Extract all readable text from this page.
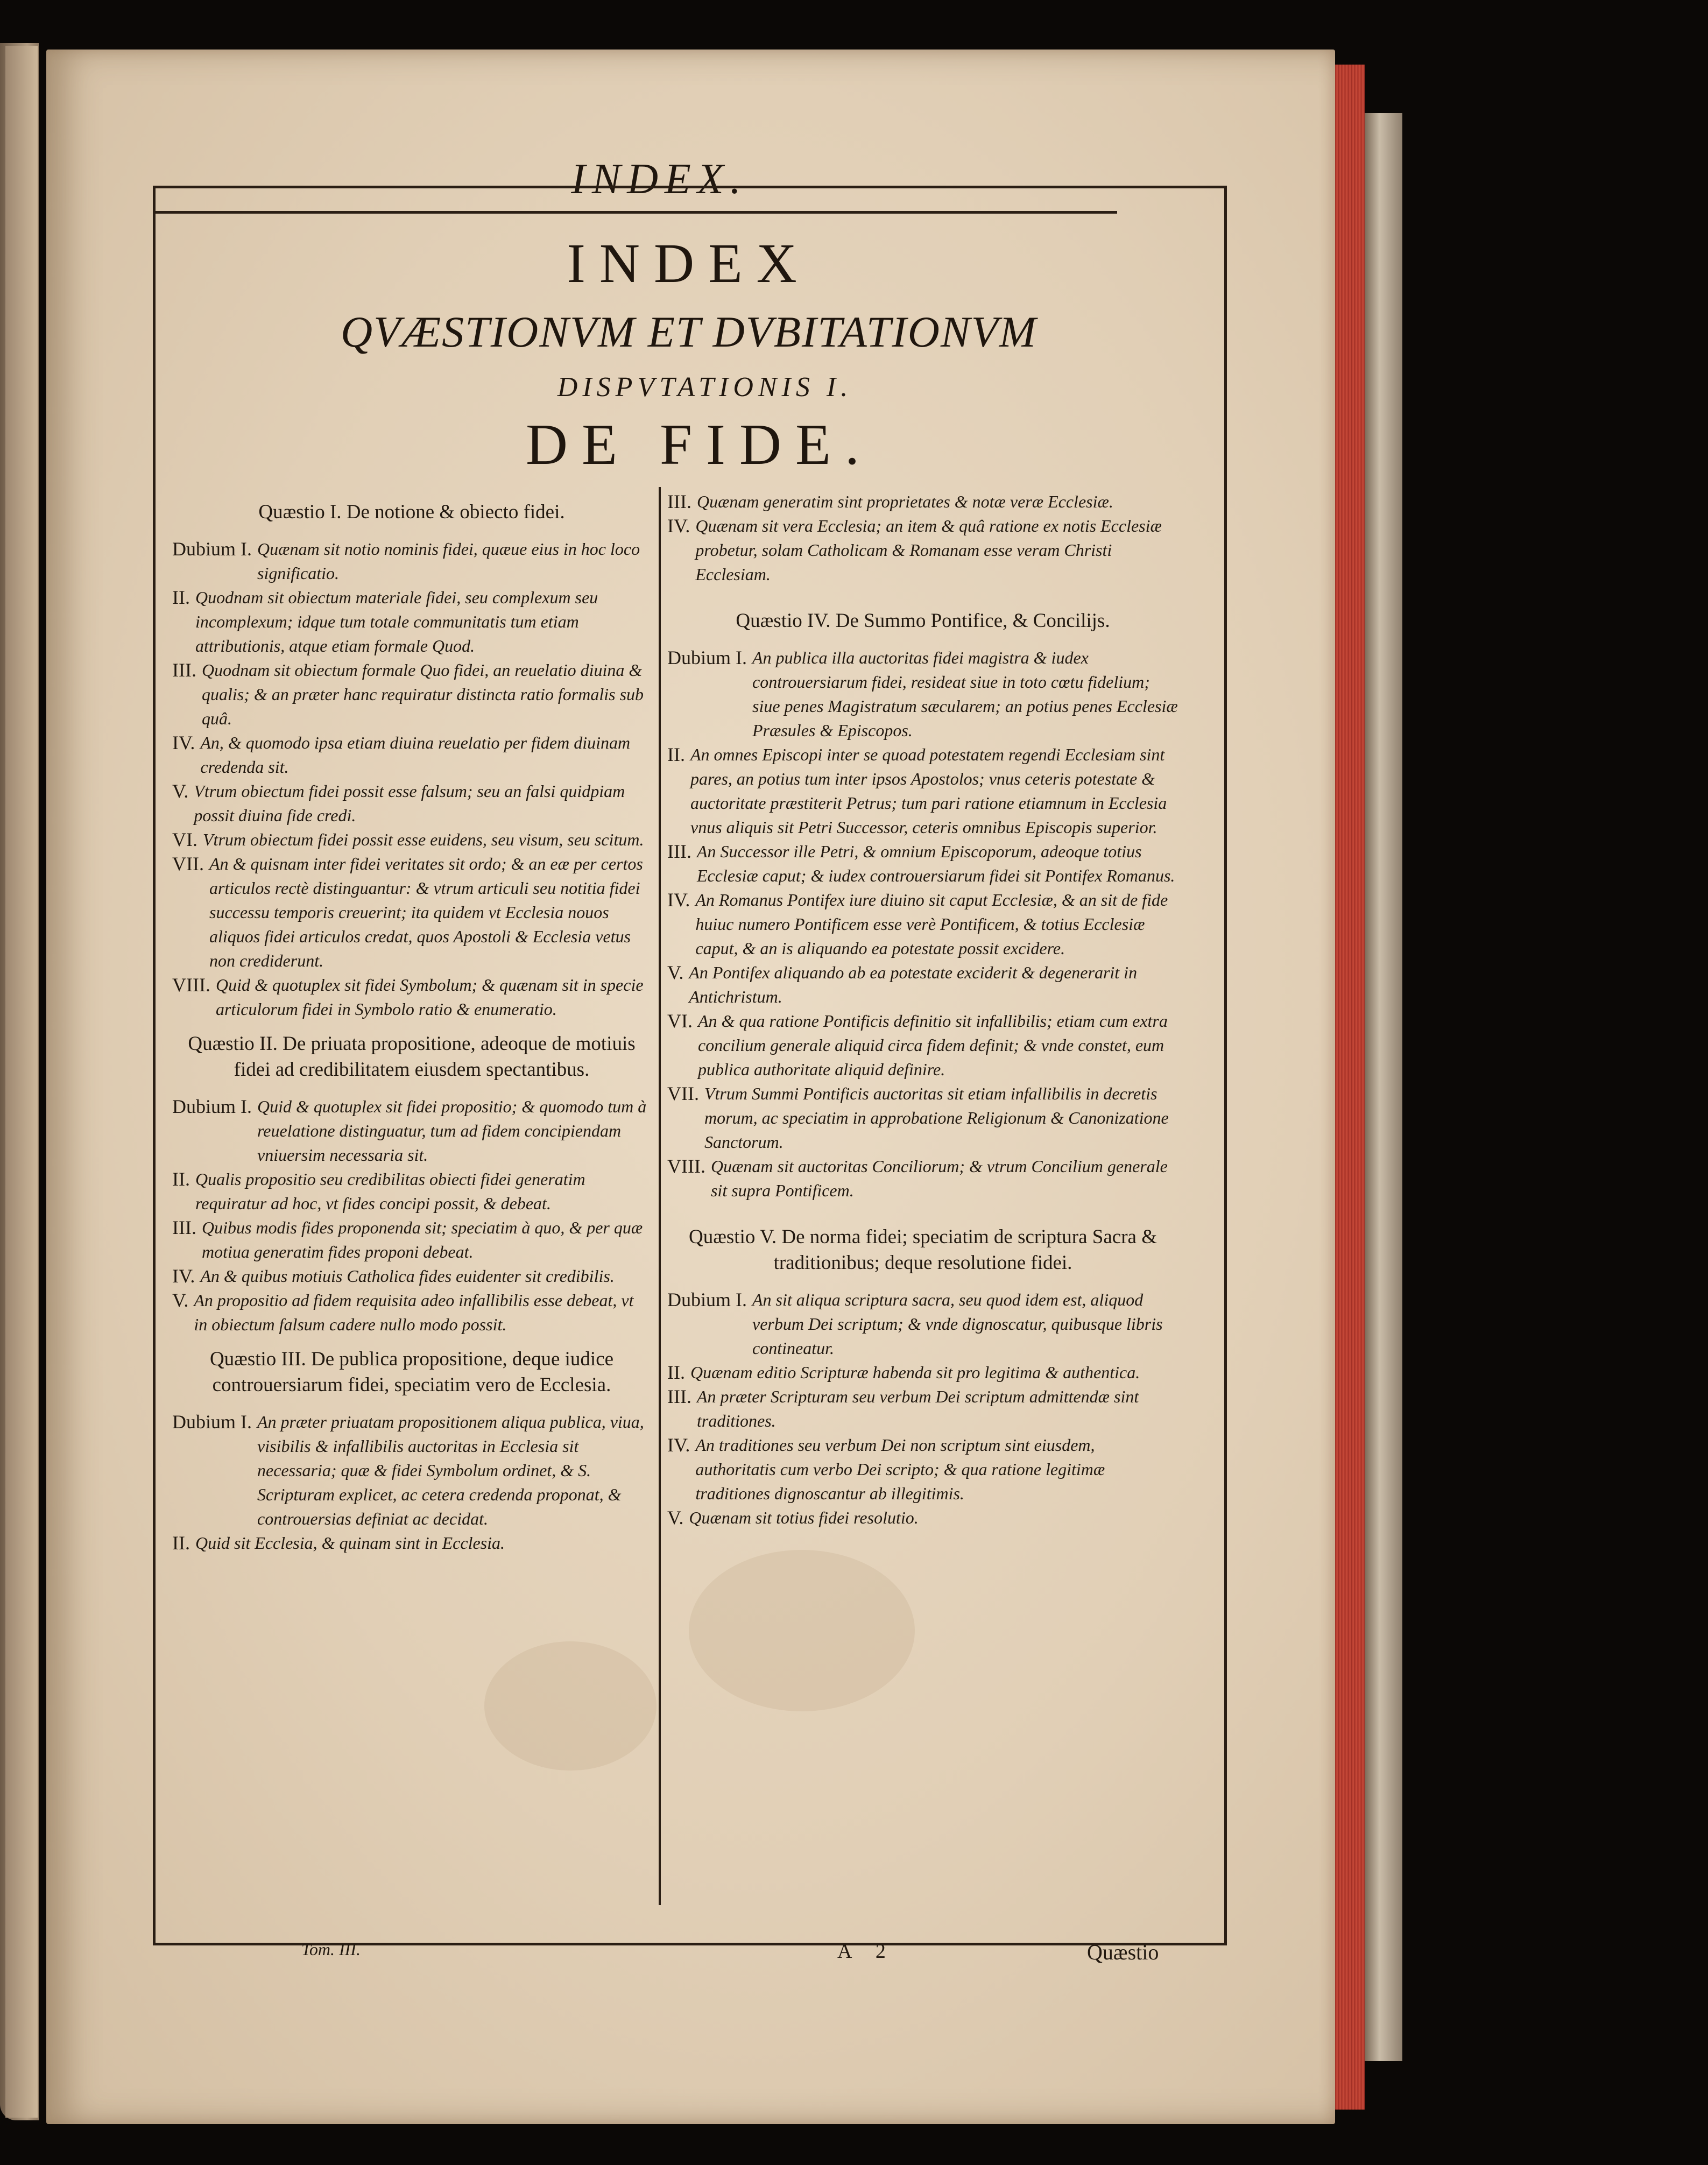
INDEX.
INDEX
QVÆSTIONVM ET DVBITATIONVM
DISPVTATIONIS I.
DE FIDE.
Quæstio I. De notione & obiecto fidei.
Dubium I. Quænam sit notio nominis fidei, quæue eius in hoc loco significatio.
II. Quodnam sit obiectum materiale fidei, seu complexum seu incomplexum; idque tum totale communitatis tum etiam attributionis, atque etiam formale Quod.
III. Quodnam sit obiectum formale Quo fidei, an reuelatio diuina & qualis; & an præter hanc requiratur distincta ratio formalis sub quâ.
IV. An, & quomodo ipsa etiam diuina reuelatio per fidem diuinam credenda sit.
V. Vtrum obiectum fidei possit esse falsum; seu an falsi quidpiam possit diuina fide credi.
VI. Vtrum obiectum fidei possit esse euidens, seu visum, seu scitum.
VII. An & quisnam inter fidei veritates sit ordo; & an eæ per certos articulos rectè distinguantur: & vtrum articuli seu notitia fidei successu temporis creuerint; ita quidem vt Ecclesia nouos aliquos fidei articulos credat, quos Apostoli & Ecclesia vetus non crediderunt.
VIII. Quid & quotuplex sit fidei Symbolum; & quænam sit in specie articulorum fidei in Symbolo ratio & enumeratio.
Quæstio II. De priuata propositione, adeoque de motiuis fidei ad credibilitatem eiusdem spectantibus.
Dubium I. Quid & quotuplex sit fidei propositio; & quomodo tum à reuelatione distinguatur, tum ad fidem concipiendam vniuersim necessaria sit.
II. Qualis propositio seu credibilitas obiecti fidei generatim requiratur ad hoc, vt fides concipi possit, & debeat.
III. Quibus modis fides proponenda sit; speciatim à quo, & per quæ motiua generatim fides proponi debeat.
IV. An & quibus motiuis Catholica fides euidenter sit credibilis.
V. An propositio ad fidem requisita adeo infallibilis esse debeat, vt in obiectum falsum cadere nullo modo possit.
Quæstio III. De publica propositione, deque iudice controuersiarum fidei, speciatim vero de Ecclesia.
Dubium I. An præter priuatam propositionem aliqua publica, viua, visibilis & infallibilis auctoritas in Ecclesia sit necessaria; quæ & fidei Symbolum ordinet, & S. Scripturam explicet, ac cetera credenda proponat, & controuersias definiat ac decidat.
II. Quid sit Ecclesia, & quinam sint in Ecclesia.
III. Quænam generatim sint proprietates & notæ veræ Ecclesiæ.
IV. Quænam sit vera Ecclesia; an item & quâ ratione ex notis Ecclesiæ probetur, solam Catholicam & Romanam esse veram Christi Ecclesiam.
Quæstio IV. De Summo Pontifice, & Concilijs.
Dubium I. An publica illa auctoritas fidei magistra & iudex controuersiarum fidei, resideat siue in toto cœtu fidelium; siue penes Magistratum sæcularem; an potius penes Ecclesiæ Præsules & Episcopos.
II. An omnes Episcopi inter se quoad potestatem regendi Ecclesiam sint pares, an potius tum inter ipsos Apostolos; vnus ceteris potestate & auctoritate præstiterit Petrus; tum pari ratione etiamnum in Ecclesia vnus aliquis sit Petri Successor, ceteris omnibus Episcopis superior.
III. An Successor ille Petri, & omnium Episcoporum, adeoque totius Ecclesiæ caput; & iudex controuersiarum fidei sit Pontifex Romanus.
IV. An Romanus Pontifex iure diuino sit caput Ecclesiæ, & an sit de fide huiuc numero Pontificem esse verè Pontificem, & totius Ecclesiæ caput, & an is aliquando ea potestate possit excidere.
V. An Pontifex aliquando ab ea potestate exciderit & degenerarit in Antichristum.
VI. An & qua ratione Pontificis definitio sit infallibilis; etiam cum extra concilium generale aliquid circa fidem definit; & vnde constet, eum publica authoritate aliquid definire.
VII. Vtrum Summi Pontificis auctoritas sit etiam infallibilis in decretis morum, ac speciatim in approbatione Religionum & Canonizatione Sanctorum.
VIII. Quænam sit auctoritas Conciliorum; & vtrum Concilium generale sit supra Pontificem.
Quæstio V. De norma fidei; speciatim de scriptura Sacra & traditionibus; deque resolutione fidei.
Dubium I. An sit aliqua scriptura sacra, seu quod idem est, aliquod verbum Dei scriptum; & vnde dignoscatur, quibusque libris contineatur.
II. Quænam editio Scripturæ habenda sit pro legitima & authentica.
III. An præter Scripturam seu verbum Dei scriptum admittendæ sint traditiones.
IV. An traditiones seu verbum Dei non scriptum sint eiusdem, authoritatis cum verbo Dei scripto; & qua ratione legitimæ traditiones dignoscantur ab illegitimis.
V. Quænam sit totius fidei resolutio.
Tom. III.	A 2	Quæstio
